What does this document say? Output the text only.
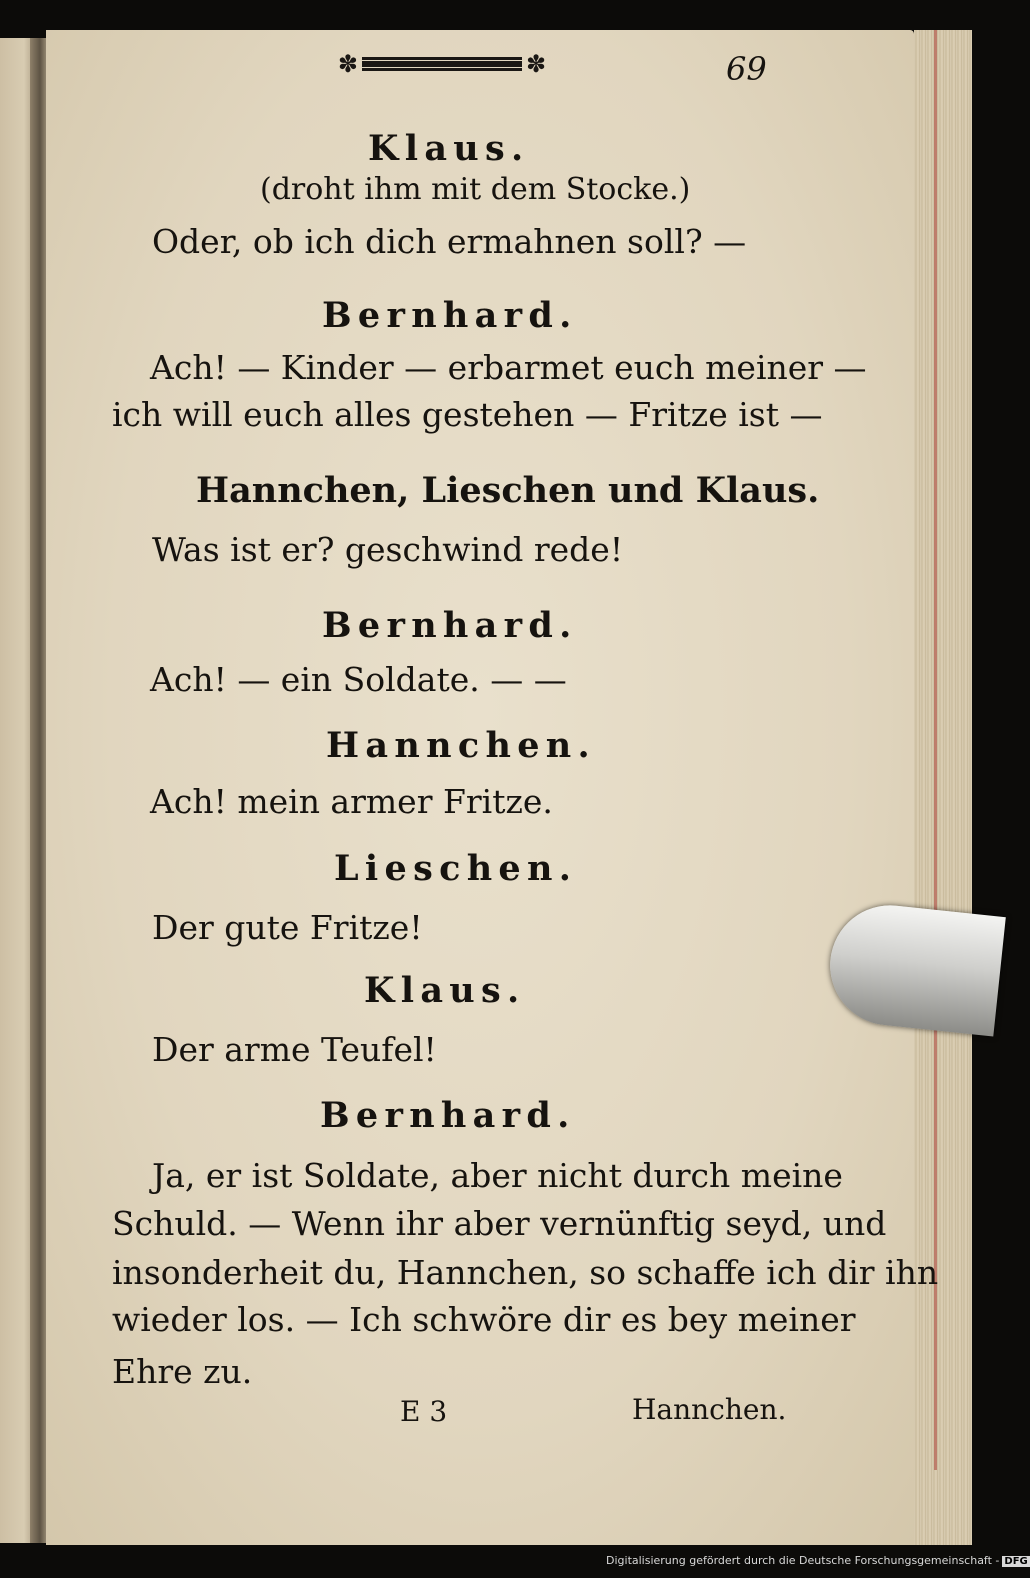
✽	✽	69
Klaus.
(droht ihm mit dem Stocke.)
Oder, ob ich dich ermahnen soll? —
Bernhard.
Ach! — Kinder — erbarmet euch meiner —
ich will euch alles gestehen — Fritze ist —
Hannchen, Lieschen und Klaus.
Was ist er? geschwind rede!
Bernhard.
Ach! — ein Soldate. — —
Hannchen.
Ach! mein armer Fritze.
Lieschen.
Der gute Fritze!
Klaus.
Der arme Teufel!
Bernhard.
Ja, er ist Soldate, aber nicht durch meine
Schuld. — Wenn ihr aber vernünftig seyd, und
insonderheit du, Hannchen, so schaffe ich dir ihn
wieder los. — Ich schwöre dir es bey meiner
Ehre zu.
E 3	Hannchen.
Digitalisierung gefördert durch die Deutsche Forschungsgemeinschaft - DFG
